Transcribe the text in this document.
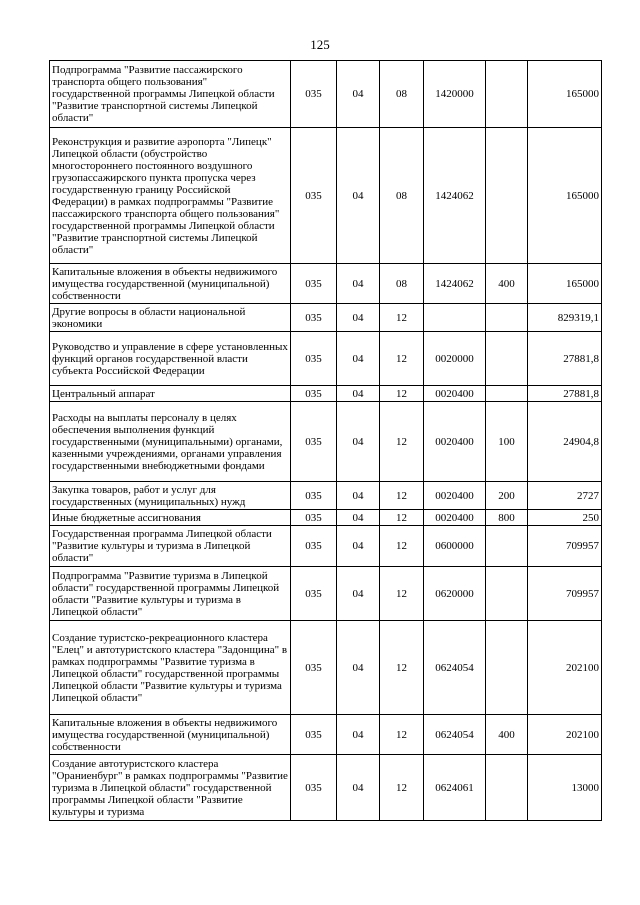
125
Подпрограмма "Развитие пассажирского транспорта общего пользования" государственной программы Липецкой области "Развитие транспортной системы Липецкой области"	035	04	08	1420000		165000
Реконструкция и развитие аэропорта "Липецк" Липецкой области (обустройство многостороннего постоянного воздушного грузопассажирского пункта пропуска через государственную границу Российской Федерации) в рамках подпрограммы "Развитие пассажирского транспорта общего пользования" государственной программы Липецкой области "Развитие транспортной системы Липецкой области"	035	04	08	1424062		165000
Капитальные вложения в объекты недвижимого имущества государственной (муниципальной) собственности	035	04	08	1424062	400	165000
Другие вопросы в области национальной экономики	035	04	12			829319,1
Руководство и управление в сфере установленных функций органов государственной власти субъекта Российской Федерации	035	04	12	0020000		27881,8
Центральный аппарат	035	04	12	0020400		27881,8
Расходы на выплаты персоналу в целях обеспечения выполнения функций государственными (муниципальными) органами, казенными учреждениями, органами управления государственными внебюджетными фондами	035	04	12	0020400	100	24904,8
Закупка товаров, работ и услуг для государственных (муниципальных) нужд	035	04	12	0020400	200	2727
Иные бюджетные ассигнования	035	04	12	0020400	800	250
Государственная программа Липецкой области "Развитие культуры и туризма в Липецкой области"	035	04	12	0600000		709957
Подпрограмма "Развитие туризма в Липецкой области" государственной программы Липецкой области "Развитие культуры и туризма в Липецкой области"	035	04	12	0620000		709957
Создание туристско-рекреационного кластера "Елец" и автотуристского кластера "Задонщина" в рамках подпрограммы "Развитие туризма в Липецкой области" государственной программы Липецкой области "Развитие культуры и туризма Липецкой области"	035	04	12	0624054		202100
Капитальные вложения в объекты недвижимого имущества государственной (муниципальной) собственности	035	04	12	0624054	400	202100
Создание автотуристского кластера "Ораниенбург" в рамках подпрограммы "Развитие туризма в Липецкой области" государственной программы Липецкой области "Развитие культуры и туризма	035	04	12	0624061		13000
